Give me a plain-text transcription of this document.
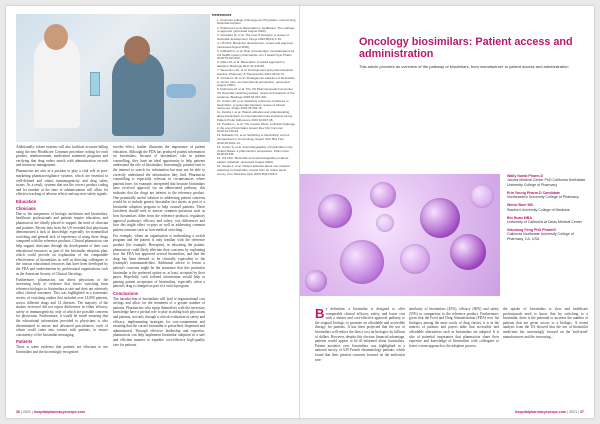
Additionally, robust systems will also facilitate accurate billing using the new Healthcare Common procedure coding for each product, reimbursement, medication statement programs and verifying that drug orders match with administration records and inventory management.

Pharmacists are also in a position to play a vital role in post-marketing pharmacovigilance systems, which are essential to well-defined and robust immunogenicity and drug safety issues. As a result, systems that use the correct product coding and lot number at the time of administration will allow for effective tracking of adverse effects and any new safety signals.

Education
Clinicians

Due to the uniqueness of biologic medicines and biosimilars, healthcare professionals and patients require education, and pharmacists are ideally placed to support the need of clinician and patients. Recent data from the US revealed that physicians demonstrated a lack of knowledge, especially for nonmedical switching and general lack of experience of using these drugs compared with the reference products. Clinical pharmacists can help support clinicians through the development of their own educational resources as part of the biosimilar adoption plan, which could provide an explanation of the comparable effectiveness of biosimilars as well as directing colleagues to the various educational resources that have been developed by the FDA and endorsements by professional organisations such as the American Society of Clinical Oncology.

Furthermore, pharmacists can direct physicians to the increasing body of evidence that shows switching from reference biologics to biosimilars is safe and does not adversely affect clinical outcomes. This was highlighted in a systematic review of switching studies that included over 14,000 patients, across different drugs and 14 diseases. The majority of the studies reviewed did not report differences in either efficacy, safety or immunogenicity, only of which are possible concerns for physicians. Furthermore, it would be worth ensuring that the educational information provided to physicians is also disseminated to nurses and advanced practitioners, each of whom could come into contact with patients, to ensure consistency of the biosimilar messaging.

Patients

There is some evidence that patients are reluctant to use biosimilars and the increasingly recognised

nocebo effect, further illustrates the importance of patient education. Although the FDA has produced patient information on biosimilars, because of biosimilars' role in patient counselling, they have an ideal opportunity to help patients understand the role of biosimilars. Increasingly, patients turn to the internet to search for information but may not be able to correctly understand the information they find. Pharmacist counselling is especially relevant in circumstances where patients have, for example, interpreted that because biosimilars have received approval via an abbreviated pathway, this indicates that the drugs are inferior to the reference product. One potentially useful solution to addressing patient concerns would be to include generic biosimilar fact sheets as part of a biosimilar adoption program to help counsel patients. These factsheets should seek to answer common questions such as how biosimilars differ from the reference products, regulatory approval pathways, efficacy and safety, cost differences and how this might affect co-pays as well as addressing common patient concerns such as 'non-medical switching'.

For example, where an organisation is undertaking a switch program and the patient is only familiar with the reference product (for example, Herceptin), in educating the patient, pharmacists could likely alleviate their concerns by explaining how the FDA has approved several biosimilars, and that the drug has been deemed to be clinically equivalent to the (example) trastuzumab-dkst. Additional advice to lessen a patient's concerns might be the assurance that this particular biosimilar is the preferred option or, at least, accepted by their payer. Hopefully, such tailored information would help in gaining patient acceptance of biosimilars, especially when a patient's drug is changed as part of a switch program.

Conclusions

The introduction of biosimilars will lead to organisational cost savings and allow for the treatment of a greater number of patients. Pharmacists who equip themselves with the necessary knowledge have a pivotal role to play in aiding both physicians and patients, not only through a critical evaluation of safety and efficacy, implementing strategies for cost-containment and ensuring that the correct biosimilar is prescribed, dispensed and administered. Through effective leadership and expertise, pharmacists can help implement biosimilar adoption in a safe and efficient manner to expedite cost-effective high-quality care for patients.

References
1. American college of Emergency Physicians. Overcoming biosimilar barriers.
2. Kirkwood A et al. Biosimilars in healthcare. The pathway to approval. (accessed August 2020).
3. Gonzalez M, et al. The cost of biologics: a review of biosimilar development. Drugs 2020;80(11):1-15.
4. US FDA. Biosimilar development, review and approval. (accessed August 2020).
5. Kalbatchi F, et al. Role of biosimilars: Considerations for US health-system pharmacists. Am J Health Syst Pharm 2018;75:497-504.
6. Aitken M, et al. Biosimilars: A scaled approach to adoption. Biodrugs 2017;31:249-58.
7. Stevenson JG, et al. Development and pharmaceutical practice. Pharmacy & Therapeutics 2021;46:63-73.
8. Cuarteros JF, et al. Strategies for adoption of biosimilars in cancer care: an international perspective. (accessed August 2020).
9. Kishimoto M, et al. The US Pharmacopeial Convention. US biosimilar switching studies, review and analysis of the evidence. Biodrugs 2018;32:397-404.
10. Cohen HP, et al. Switching reference medicines to biosimilars: a systematic literature review of clinical outcomes. Drugs 2018;78:463-78.
11. Jacobs I, et al. Patient attitudes and understanding about biosimilars: an international cross-sectional survey. Patient Prefer Adherence 2016;10:937-48.
12. Pouillon L, et al. The nocebo effect: a clinical challenge in the era of biosimilars. Expert Rev Clin Immunol 2018;14:739-49.
13. Edwards CJ, et al. Switching to biosimilars: current perspectives in immunology. Expert Opin Biol Ther 2019;19:1001-14.
14. Cohen S, et al. Interchangeability of biosimilars in the United States: a pharmacist's perspective. Pharm Res 2018;35:236.
15. US FDA. Biosimilar and interchangeable products: patient materials. (accessed August 2020).
16. Teeple A, et al. Patient attitudes about non-medical switching to biosimilars: results from an online panel survey. Curr Med Res Opin 2019;35(4):603-9.
36 | 2021 | hospitalpharmacyeurope.com
Oncology biosimilars: Patient access and administration
This article provides an overview of the pathway of biosimilars, from manufacturer to patient access and administration
Wally Nunta Pharm.D
Jacobs Medical Center PhD California Northstate University College of Pharmacy
Erin Young Pharm.D Candidate
Northeastern University College of Pharmacy
Wenzi Boer MD
Stanford University College of Medicine
Bin Huan MBA
University of California at Davis Medical Center
Xiaodong Feng PhD PharmD
California Northstate University College of Pharmacy, CA, USA
By definition, a biosimilar is designed to offer comparable clinical efficacy, safety, and lower cost with a shorter and cost-effective approval pathway to the original biologic to promote an affordable and accessible therapy for patients. It has been projected that the use of biosimilars will reduce the direct cost on biologics by billions of dollars. However, despite this obvious financial advantage, patients would appear to be ill-informed about biosimilars. Patient anxieties over biosimilars was highlighted in a national survey of 629 French rheumatology patients, which found that their greatest concerns focused on the molecular non-
similarity of biosimilars (45%), efficacy (60%) and safety (55%) in comparison to the reference product. Furthermore, given that the Food and Drug Administration (FDA) now list biologics among the most costly of drug classes, it is in the interest of patients and payers alike that accessible and affordable alternatives such as biosimilars are adopted. It is also of potential importance that pharmacists share their expertise and knowledge of biosimilars with colleagues to foster a team approach to the adoption process.
the uptake of biosimilars is slow and healthcare professionals need to know that by switching to a biosimilar, there is the potential to increase the number of patients that are given access to a biologic. A recent analysis from the US showed that the use of biosimilar medicines has increasingly focused on the 'mid-sized' manufacturers and the increasing...
hospitalpharmacyeurope.com | 2021 | 37
